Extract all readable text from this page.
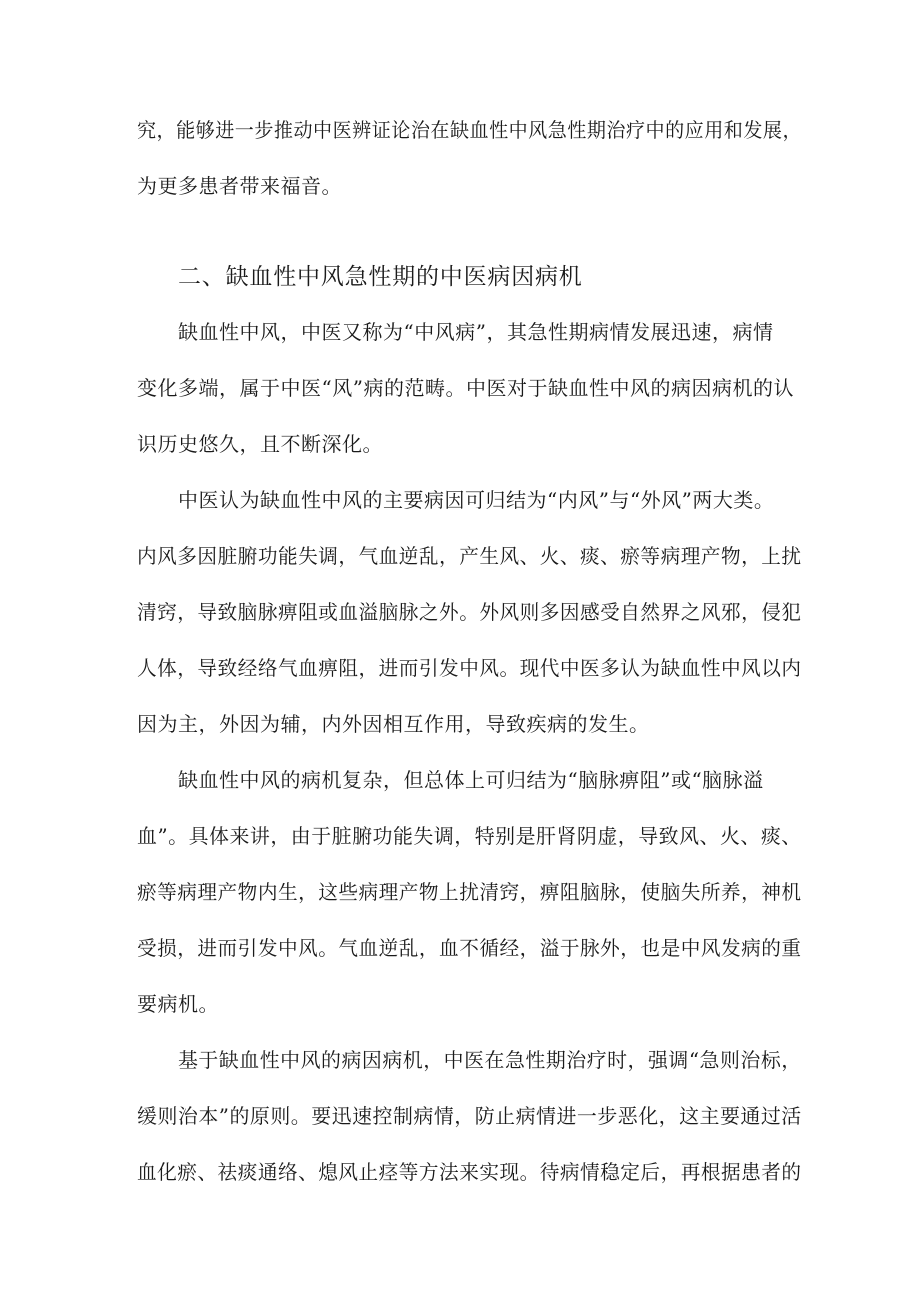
究，能够进一步推动中医辨证论治在缺血性中风急性期治疗中的应用和发展，
为更多患者带来福音。
二、缺血性中风急性期的中医病因病机
缺血性中风，中医又称为“中风病”，其急性期病情发展迅速，病情
变化多端，属于中医“风”病的范畴。中医对于缺血性中风的病因病机的认
识历史悠久，且不断深化。
中医认为缺血性中风的主要病因可归结为“内风”与“外风”两大类。
内风多因脏腑功能失调，气血逆乱，产生风、火、痰、瘀等病理产物，上扰
清窍，导致脑脉痹阻或血溢脑脉之外。外风则多因感受自然界之风邪，侵犯
人体，导致经络气血痹阻，进而引发中风。现代中医多认为缺血性中风以内
因为主，外因为辅，内外因相互作用，导致疾病的发生。
缺血性中风的病机复杂，但总体上可归结为“脑脉痹阻”或“脑脉溢
血”。具体来讲，由于脏腑功能失调，特别是肝肾阴虚，导致风、火、痰、
瘀等病理产物内生，这些病理产物上扰清窍，痹阻脑脉，使脑失所养，神机
受损，进而引发中风。气血逆乱，血不循经，溢于脉外，也是中风发病的重
要病机。
基于缺血性中风的病因病机，中医在急性期治疗时，强调“急则治标，
缓则治本”的原则。要迅速控制病情，防止病情进一步恶化，这主要通过活
血化瘀、祛痰通络、熄风止痉等方法来实现。待病情稳定后，再根据患者的
